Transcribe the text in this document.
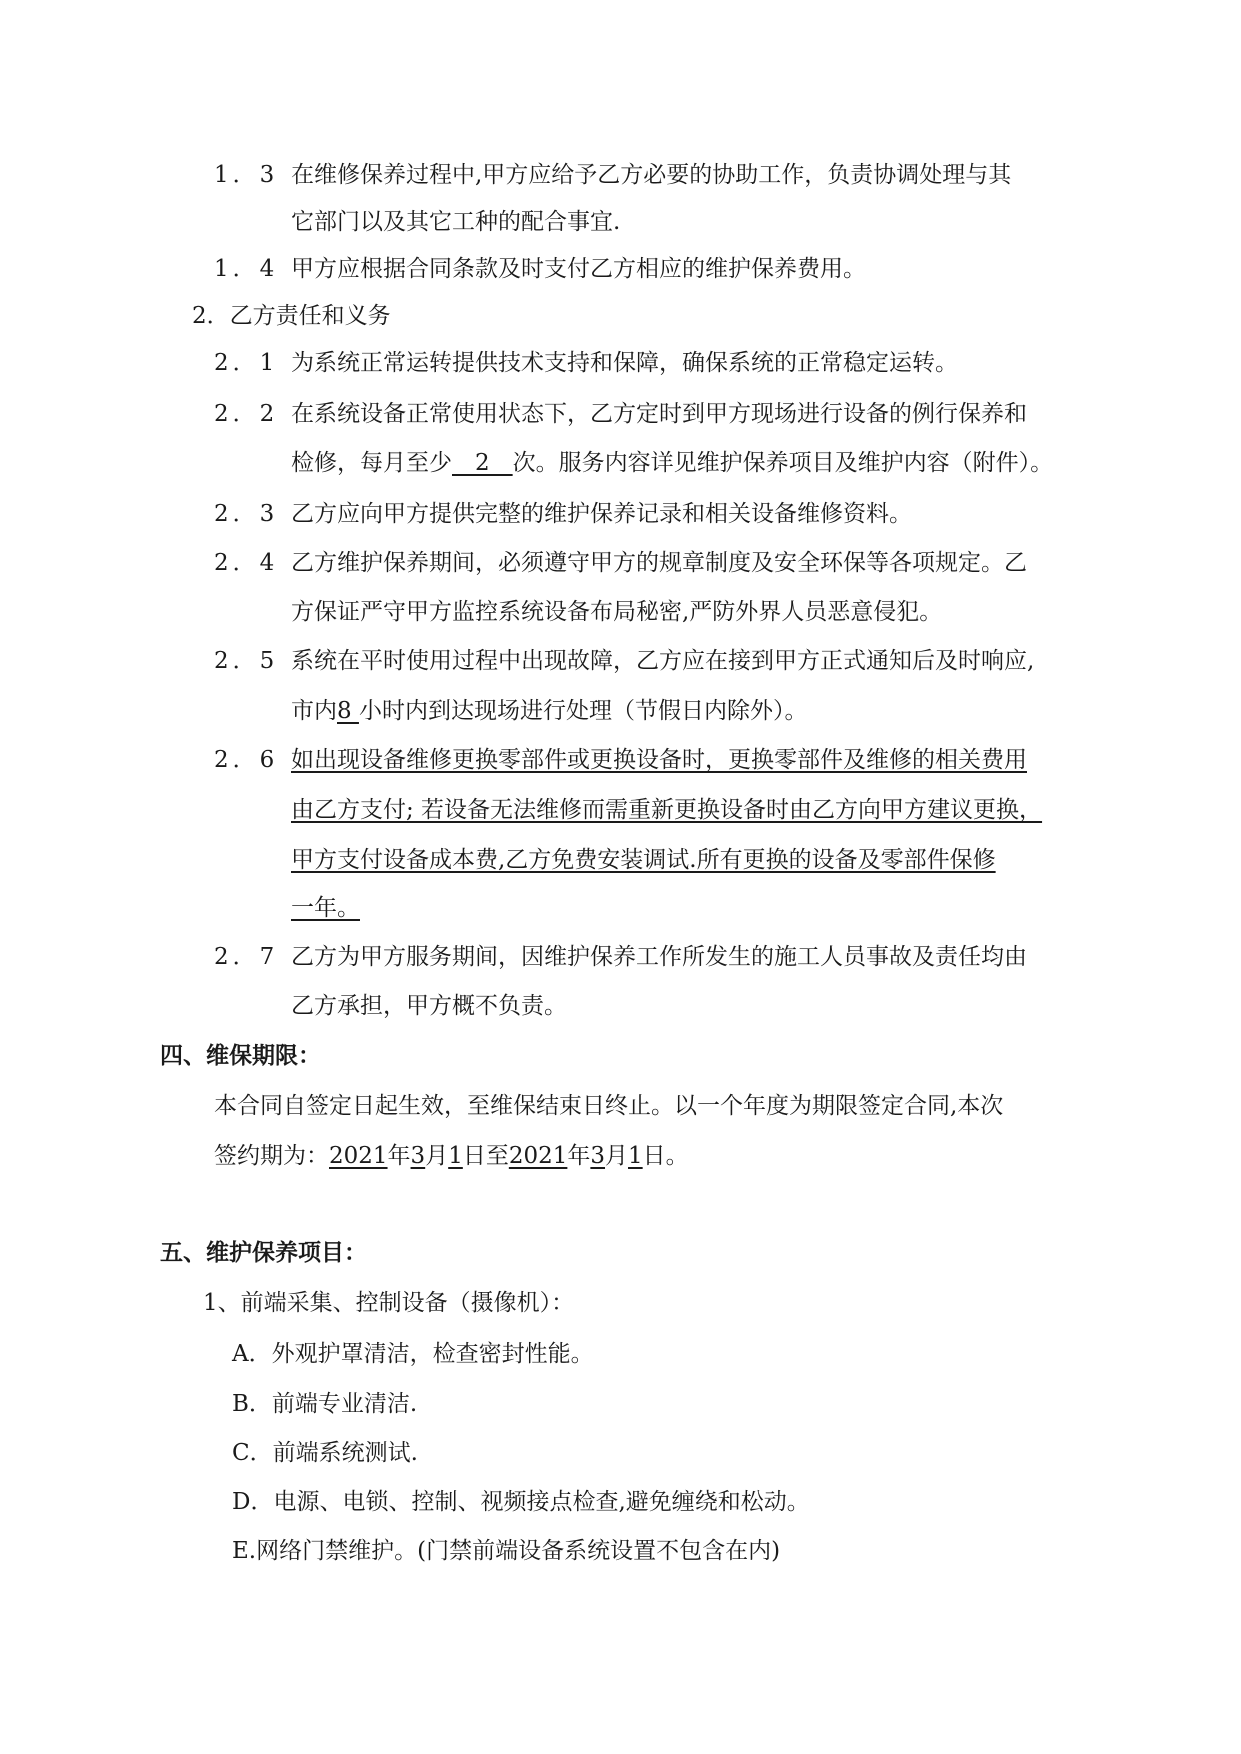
1．3 在维修保养过程中,甲方应给予乙方必要的协助工作，负责协调处理与其
它部门以及其它工种的配合事宜.
1．4 甲方应根据合同条款及时支付乙方相应的维护保养费用。
2．乙方责任和义务
2．1 为系统正常运转提供技术支持和保障，确保系统的正常稳定运转。
2．2 在系统设备正常使用状态下，乙方定时到甲方现场进行设备的例行保养和
检修，每月至少　2　次。服务内容详见维护保养项目及维护内容（附件）。
2．3 乙方应向甲方提供完整的维护保养记录和相关设备维修资料。
2．4 乙方维护保养期间，必须遵守甲方的规章制度及安全环保等各项规定。乙
方保证严守甲方监控系统设备布局秘密,严防外界人员恶意侵犯。
2．5 系统在平时使用过程中出现故障，乙方应在接到甲方正式通知后及时响应,
市内8 小时内到达现场进行处理（节假日内除外）。
2．6 如出现设备维修更换零部件或更换设备时，更换零部件及维修的相关费用
由乙方支付; 若设备无法维修而需重新更换设备时由乙方向甲方建议更换，
甲方支付设备成本费,乙方免费安装调试.所有更换的设备及零部件保修
一年。
2．7 乙方为甲方服务期间，因维护保养工作所发生的施工人员事故及责任均由
乙方承担，甲方概不负责。
四、维保期限：
本合同自签定日起生效，至维保结束日终止。以一个年度为期限签定合同,本次
签约期为：2021年3月1日至2021年3月1日。
五、维护保养项目：
1、前端采集、控制设备（摄像机）：
A．外观护罩清洁，检查密封性能。
B．前端专业清洁.
C．前端系统测试.
D．电源、电锁、控制、视频接点检查,避免缠绕和松动。
E.网络门禁维护。(门禁前端设备系统设置不包含在内)
